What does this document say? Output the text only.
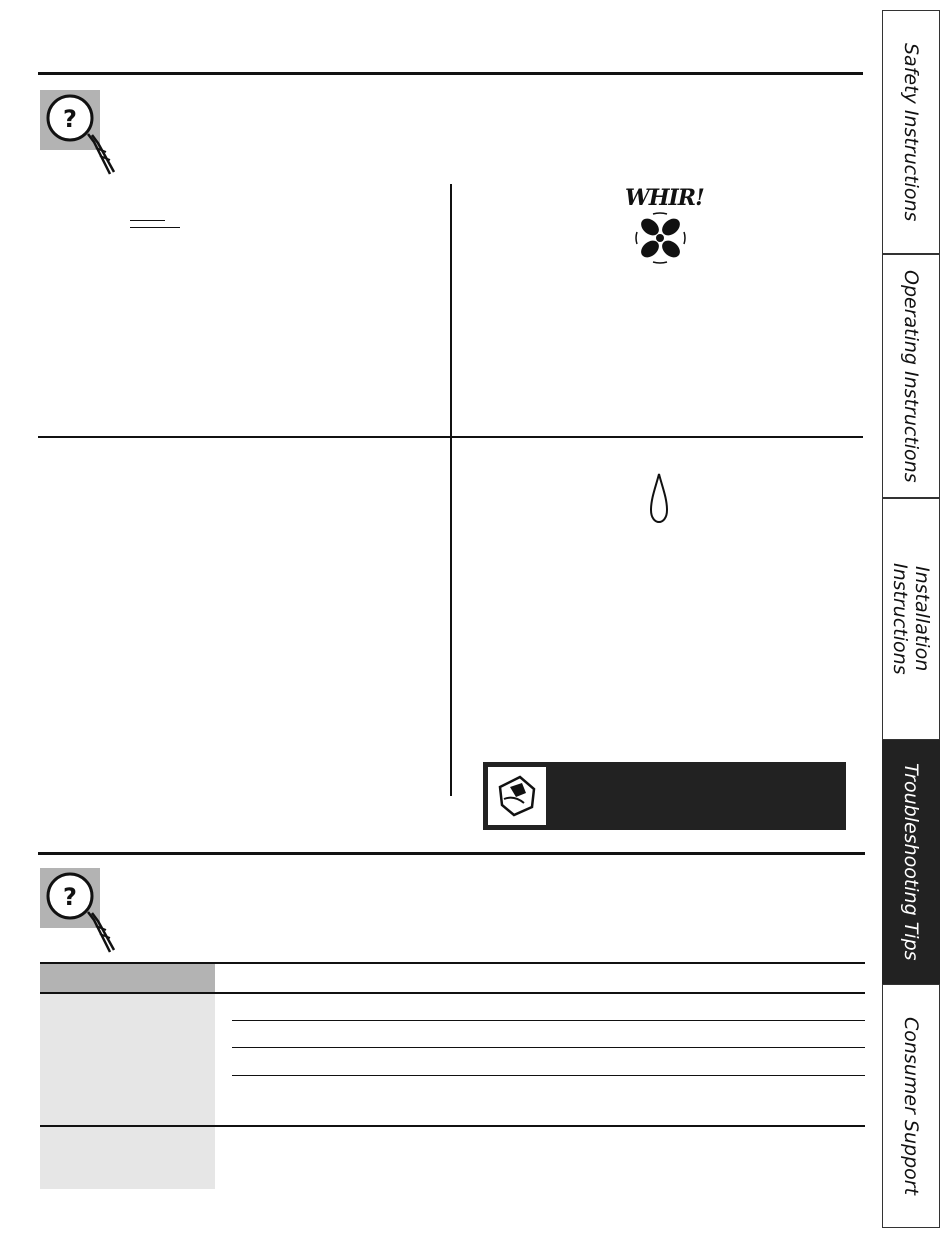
?
WHIR!
?
Safety Instructions
Operating Instructions
Installation
Instructions
Troubleshooting Tips
Consumer Support
